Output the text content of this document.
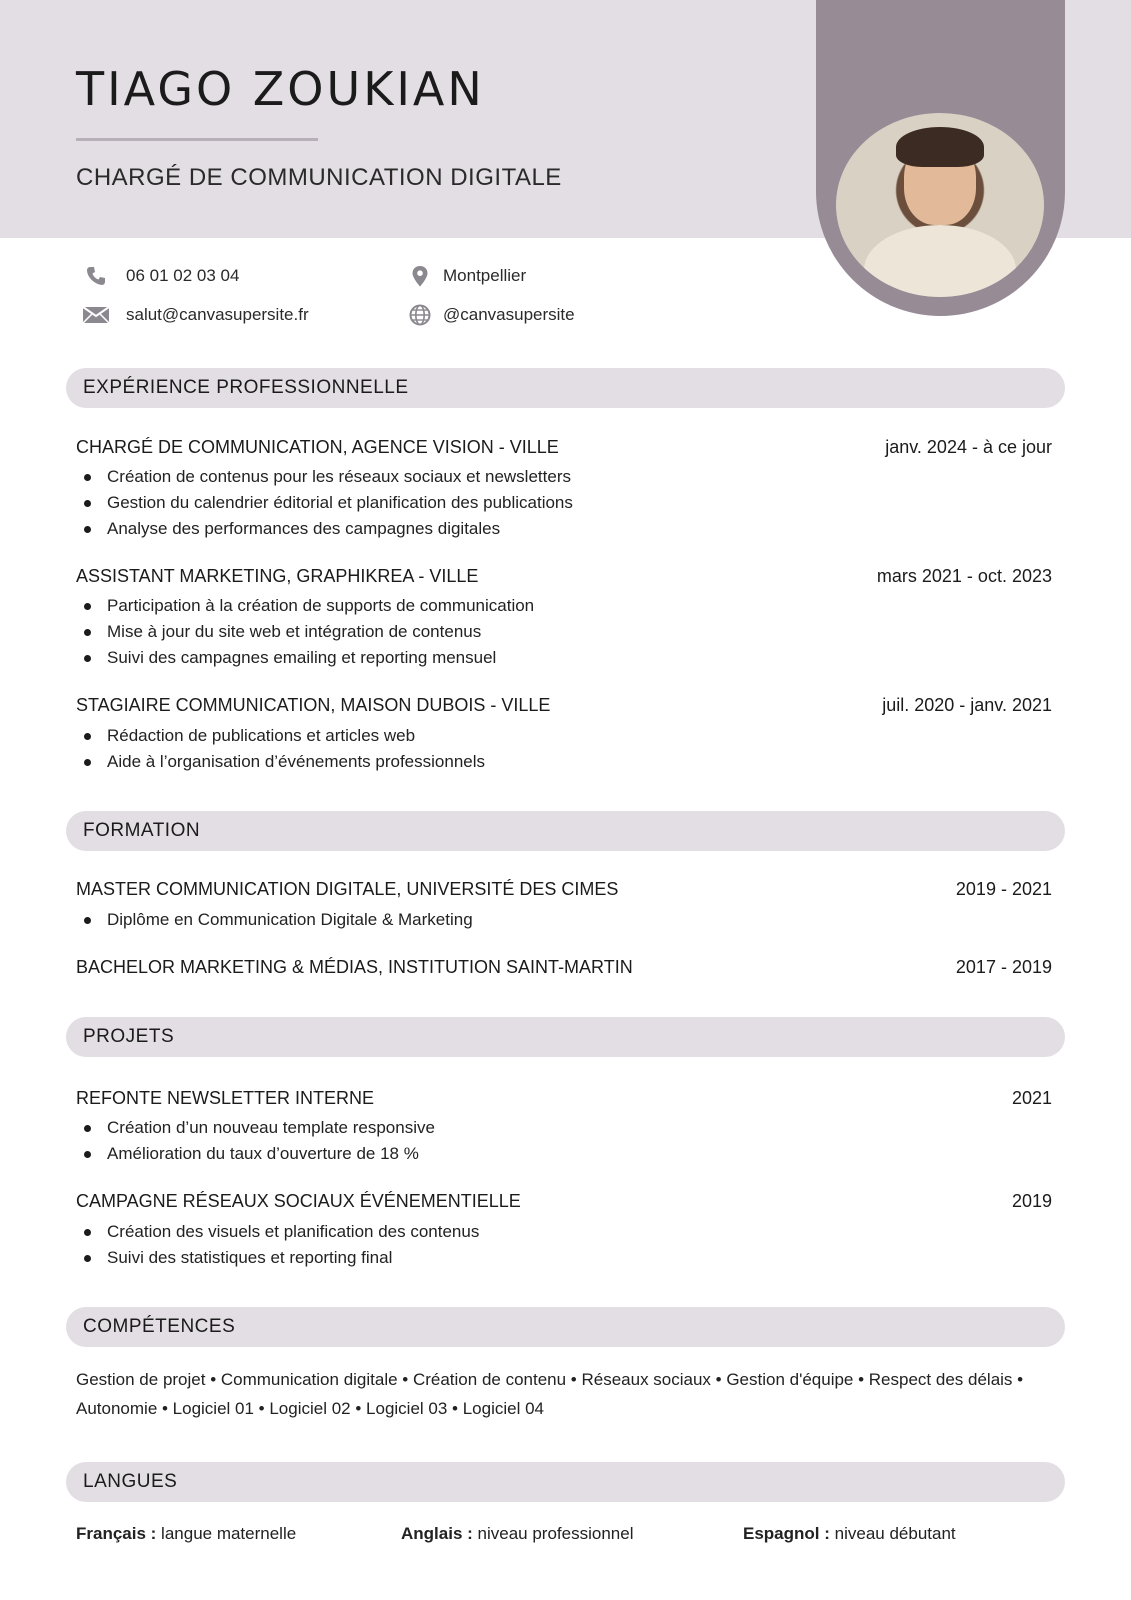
TIAGO ZOUKIAN
CHARGÉ DE COMMUNICATION DIGITALE
06 01 02 03 04
salut@canvasupersite.fr
Montpellier
@canvasupersite
EXPÉRIENCE PROFESSIONNELLE
CHARGÉ DE COMMUNICATION, AGENCE VISION - VILLE	janv. 2024 - à ce jour
Création de contenus pour les réseaux sociaux et newsletters
Gestion du calendrier éditorial et planification des publications
Analyse des performances des campagnes digitales
ASSISTANT MARKETING, GRAPHIKREA - VILLE	mars 2021 - oct. 2023
Participation à la création de supports de communication
Mise à jour du site web et intégration de contenus
Suivi des campagnes emailing et reporting mensuel
STAGIAIRE COMMUNICATION, MAISON DUBOIS - VILLE	juil. 2020 - janv. 2021
Rédaction de publications et articles web
Aide à l’organisation d’événements professionnels
FORMATION
MASTER COMMUNICATION DIGITALE, UNIVERSITÉ DES CIMES	2019 - 2021
Diplôme en Communication Digitale & Marketing
BACHELOR MARKETING & MÉDIAS, INSTITUTION SAINT-MARTIN	2017 - 2019
PROJETS
REFONTE NEWSLETTER INTERNE	2021
Création d’un nouveau template responsive
Amélioration du taux d’ouverture de 18 %
CAMPAGNE RÉSEAUX SOCIAUX ÉVÉNEMENTIELLE	2019
Création des visuels et planification des contenus
Suivi des statistiques et reporting final
COMPÉTENCES
Gestion de projet • Communication digitale • Création de contenu • Réseaux sociaux • Gestion d'équipe • Respect des délais • Autonomie • Logiciel 01 • Logiciel 02 • Logiciel 03 • Logiciel 04
LANGUES
Français : langue maternelle	Anglais : niveau professionnel	Espagnol : niveau débutant
